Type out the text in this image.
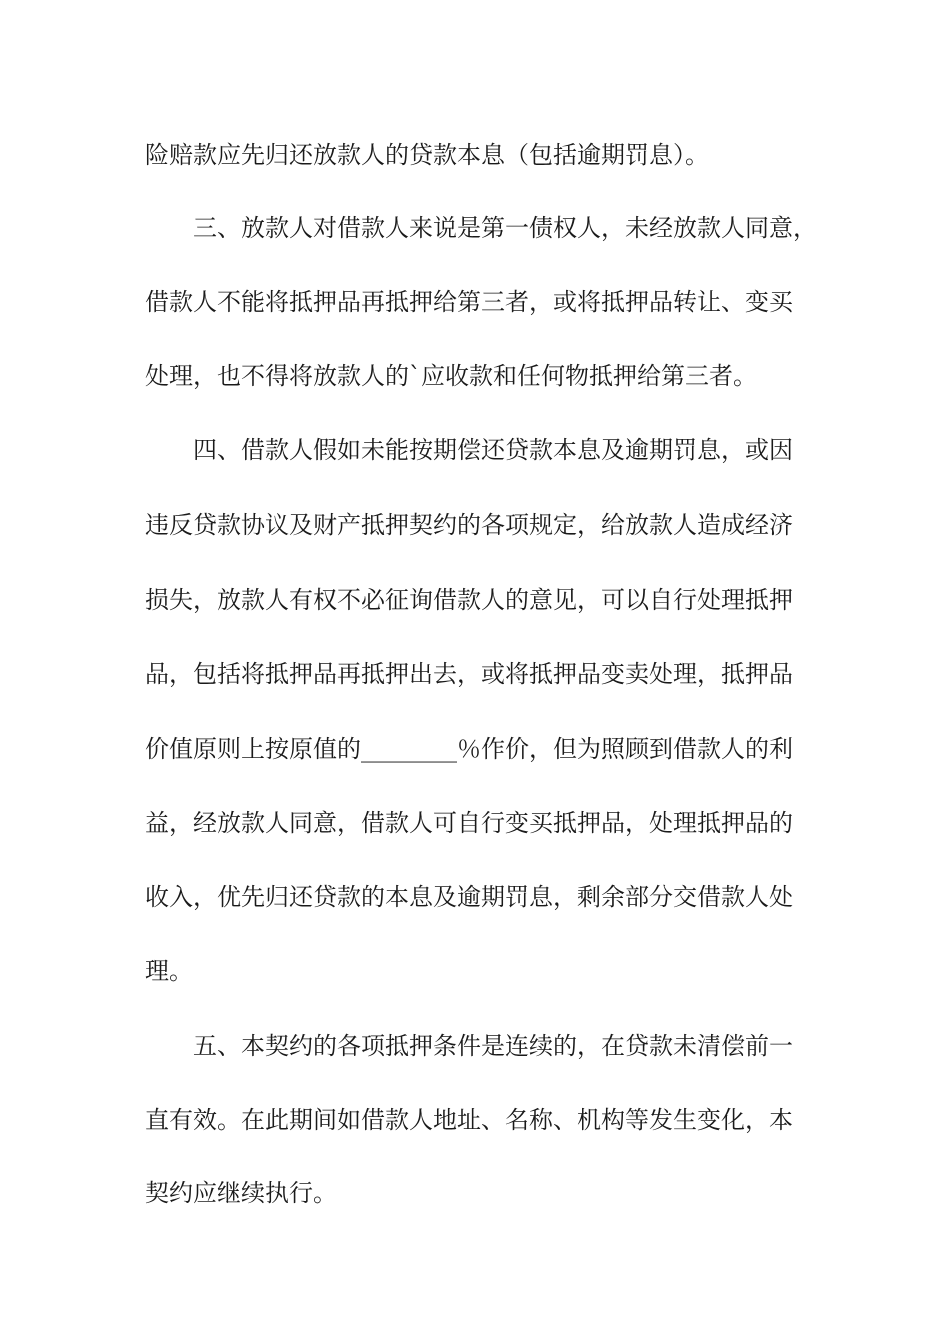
险赔款应先归还放款人的贷款本息（包括逾期罚息）。
三、放款人对借款人来说是第一债权人，未经放款人同意，
借款人不能将抵押品再抵押给第三者，或将抵押品转让、变买
处理，也不得将放款人的`应收款和任何物抵押给第三者。
四、借款人假如未能按期偿还贷款本息及逾期罚息，或因
违反贷款协议及财产抵押契约的各项规定，给放款人造成经济
损失，放款人有权不必征询借款人的意见，可以自行处理抵押
品，包括将抵押品再抵押出去，或将抵押品变卖处理，抵押品
价值原则上按原值的________％作价，但为照顾到借款人的利
益，经放款人同意，借款人可自行变买抵押品，处理抵押品的
收入，优先归还贷款的本息及逾期罚息，剩余部分交借款人处
理。
五、本契约的各项抵押条件是连续的，在贷款未清偿前一
直有效。在此期间如借款人地址、名称、机构等发生变化，本
契约应继续执行。
